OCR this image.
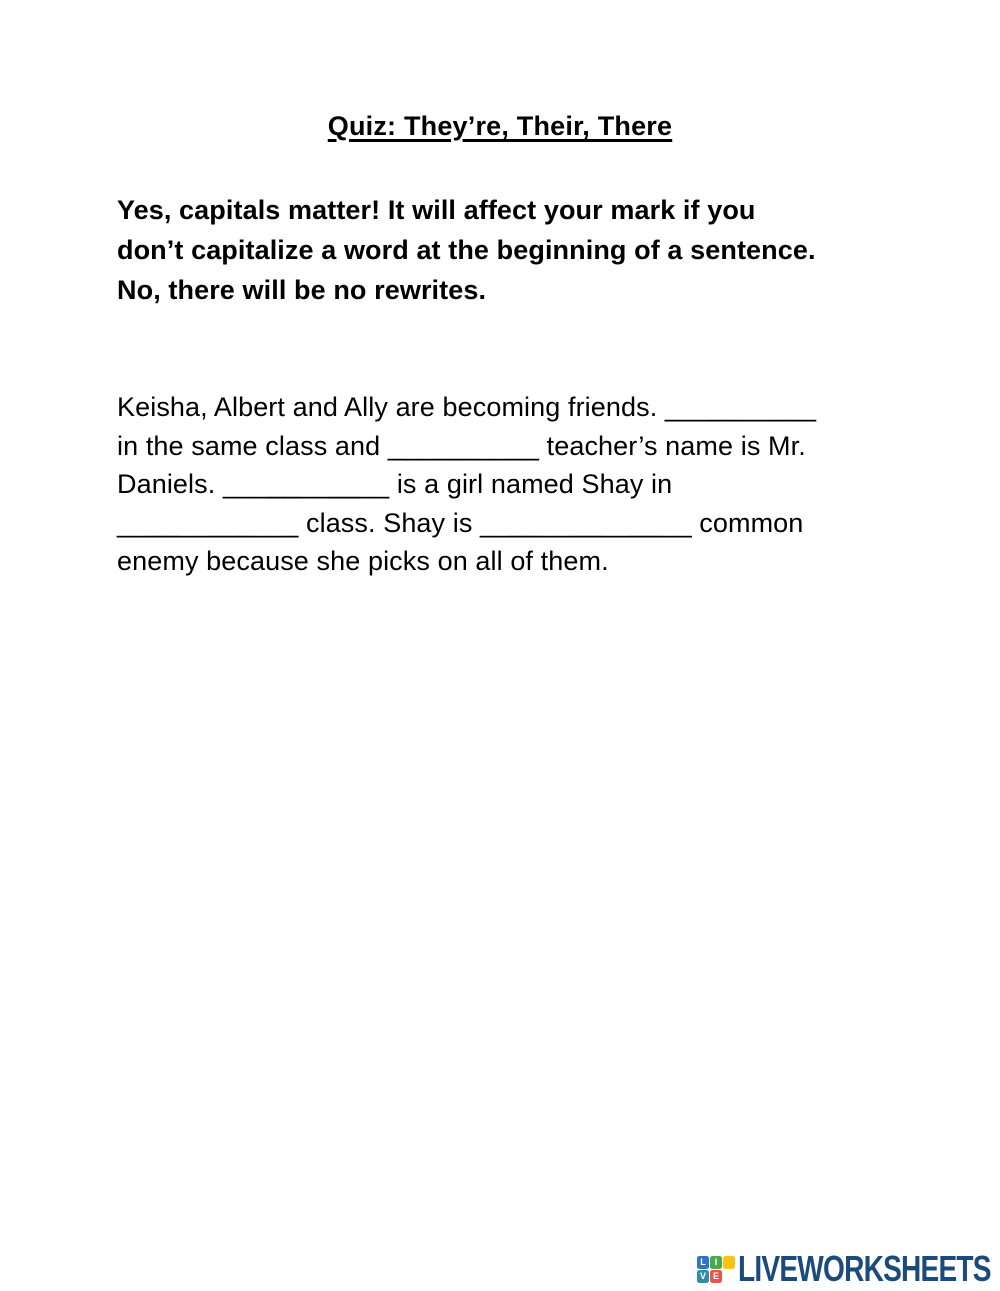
Quiz: They’re, Their, There
Yes, capitals matter! It will affect your mark if you
don’t capitalize a word at the beginning of a sentence.
No, there will be no rewrites.
Keisha, Albert and Ally are becoming friends. __________
in the same class and __________ teacher’s name is Mr.
Daniels. ___________ is a girl named Shay in
____________ class. Shay is ______________ common
enemy because she picks on all of them.
L I
V E LIVEWORKSHEETS
